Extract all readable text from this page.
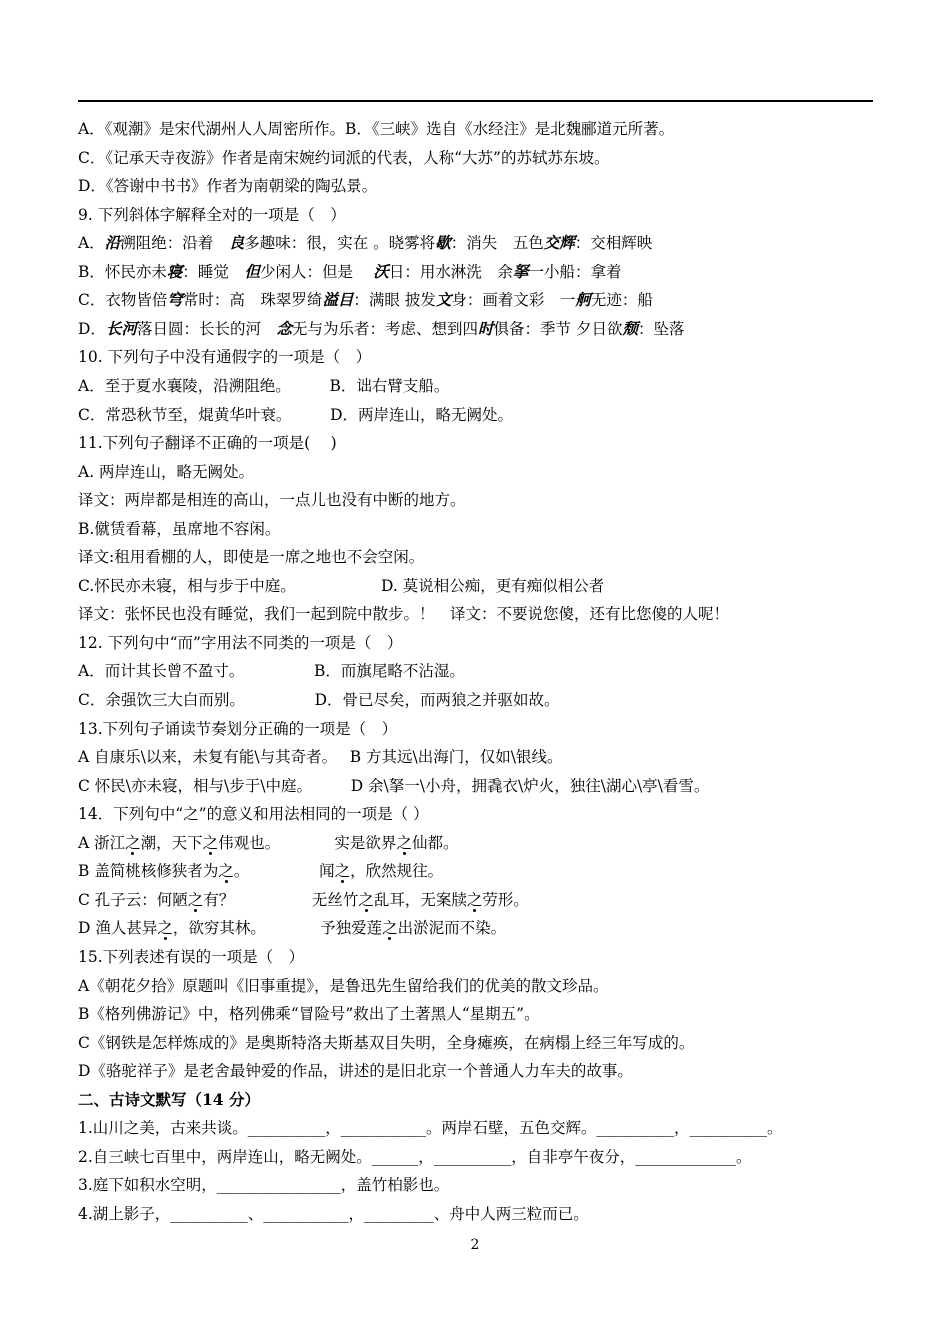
A．《观潮》是宋代湖州人人周密所作。B．《三峡》选自《水经注》是北魏郦道元所著。
C．《记承天寺夜游》作者是南宋婉约词派的代表，人称“大苏”的苏轼苏东坡。
D．《答谢中书书》作者为南朝梁的陶弘景。
9. 下列斜体字解释全对的一项是（　）
A．沿溯阻绝：沿着　良多趣味：很，实在 。晓雾将歇：消失　五色交辉：交相辉映
B．怀民亦未寝：睡觉　但少闲人：但是　 沃日：用水淋洗　余拏一小船：拿着
C．衣物皆倍穹常时：高　珠翠罗绮溢目：满眼 披发文身：画着文彩　一舸无迹：船
D．长河落日圆：长长的河　念无与为乐者：考虑、想到四时俱备：季节 夕日欲颓：坠落
10. 下列句子中没有通假字的一项是（　）
A．至于夏水襄陵，沿溯阻绝。　　　B．诎右臂支船。
C．常恐秋节至，焜黄华叶衰。　　　D．两岸连山，略无阙处。
11.下列句子翻译不正确的一项是(　 )
A. 两岸连山，略无阙处。
译文：两岸都是相连的高山，一点儿也没有中断的地方。
B.僦赁看幕，虽席地不容闲。
译文:租用看棚的人，即使是一席之地也不会空闲。
C.怀民亦未寝，相与步于中庭。　　　　　　D. 莫说相公痴，更有痴似相公者
译文：张怀民也没有睡觉，我们一起到院中散步。！　译文：不要说您傻，还有比您傻的人呢！
12. 下列句中“而”字用法不同类的一项是（　）
A．而计其长曾不盈寸。　　　　　B．而旗尾略不沾湿。
C．余强饮三大白而别。　　　　　D．骨已尽矣，而两狼之并驱如故。
13.下列句子诵读节奏划分正确的一项是（　）
A 自康乐\以来，未复有能\与其奇者。　 B 方其远\出海门，仅如\银线。
C 怀民\亦未寝，相与\步于\中庭。　　　D 余\拏一\小舟，拥毳衣\炉火，独往\湖心\亭\看雪。
14．下列句中“之”的意义和用法相同的一项是（ ）
A 浙江之潮，天下之伟观也。　　　　实是欲界之仙都。
B 盖简桃核修狭者为之。　　　　　闻之，欣然规往。
C 孔子云：何陋之有？　　　　　无丝竹之乱耳，无案牍之劳形。
D 渔人甚异之，欲穷其林。　　　　予独爱莲之出淤泥而不染。
15.下列表述有误的一项是（　）
A《朝花夕拾》原题叫《旧事重提》，是鲁迅先生留给我们的优美的散文珍品。
B《格列佛游记》中，格列佛乘“冒险号”救出了土著黑人“星期五”。
C《钢铁是怎样炼成的》是奥斯特洛夫斯基双目失明，全身瘫痪，在病榻上经三年写成的。
D《骆驼祥子》是老舍最钟爱的作品，讲述的是旧北京一个普通人力车夫的故事。
二、古诗文默写（14 分）
1.山川之美，古来共谈。__________，___________。两岸石壁，五色交辉。__________，__________。
2.自三峡七百里中，两岸连山，略无阙处。______，__________，自非亭午夜分，_____________。
3.庭下如积水空明，________________，盖竹柏影也。
4.湖上影子，__________、___________，_________、舟中人两三粒而已。
2
